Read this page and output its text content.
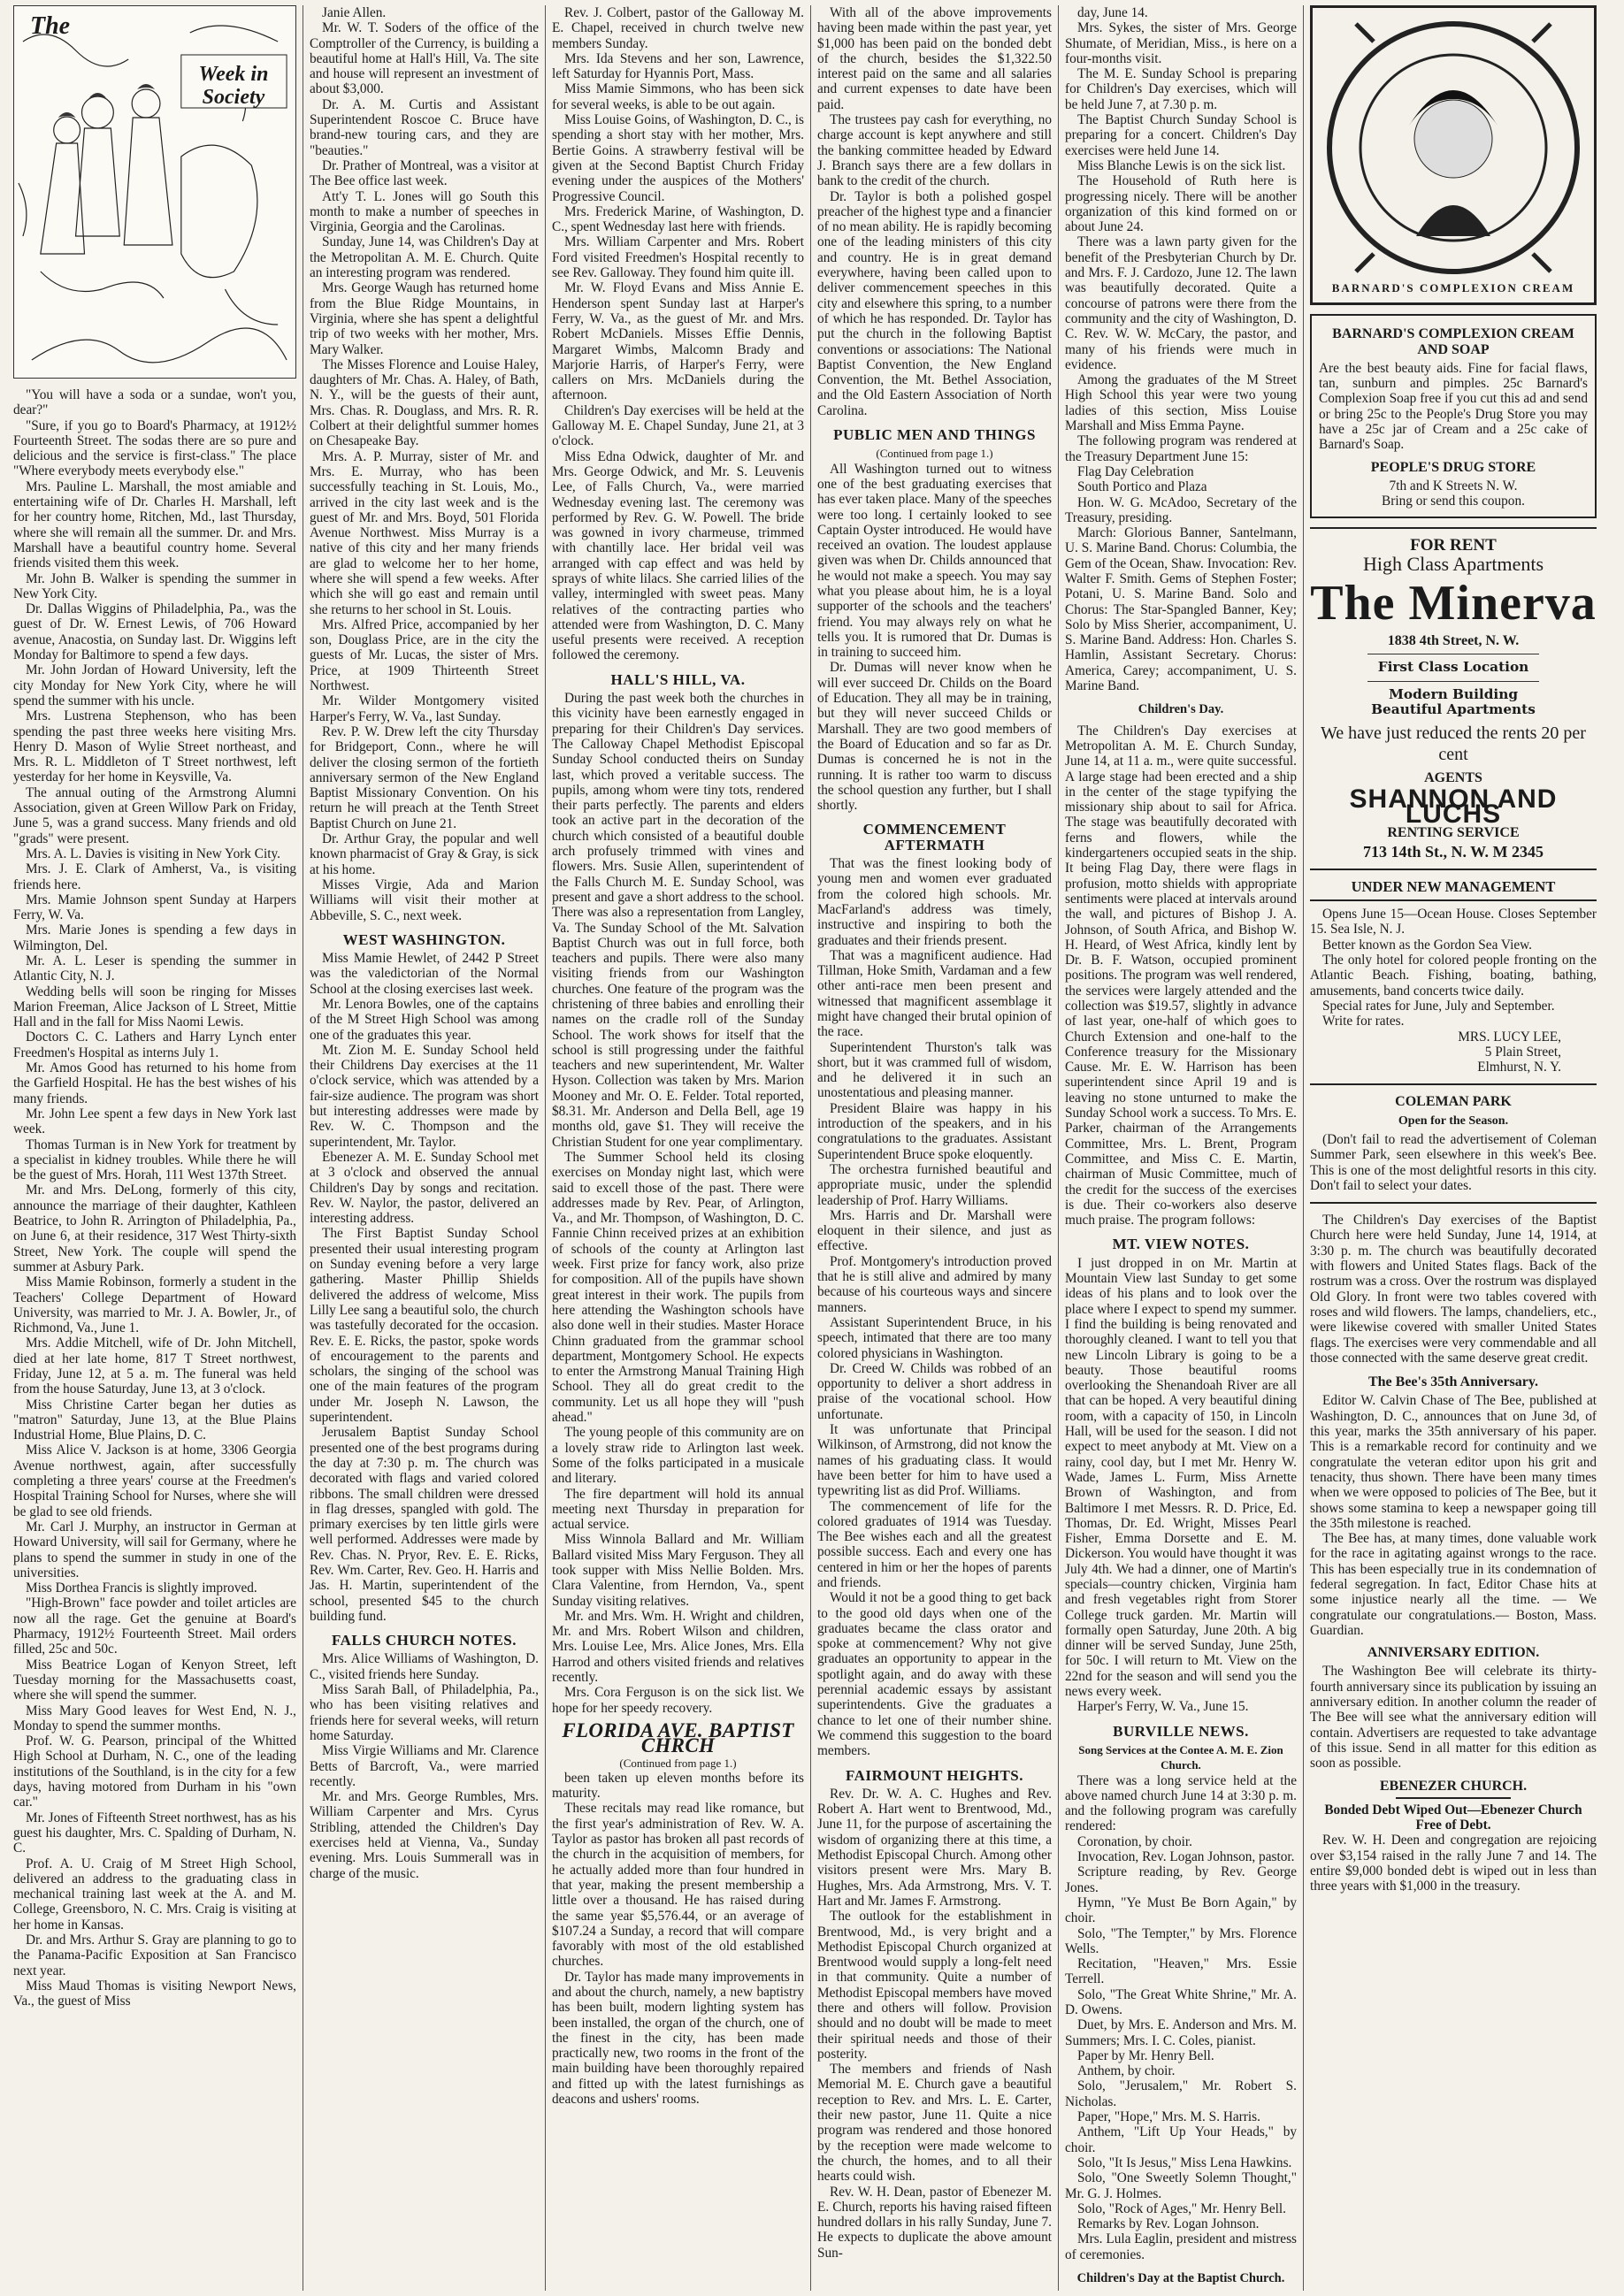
The
Week in Society

"You will have a soda or a sundae, won't you, dear?"

"Sure, if you go to Board's Pharmacy, at 1912½ Fourteenth Street. The sodas there are so pure and delicious and the service is first-class." The place "Where everybody meets everybody else."

Mrs. Pauline L. Marshall, the most amiable and entertaining wife of Dr. Charles H. Marshall, left for her country home, Ritchen, Md., last Thursday, where she will remain all the summer. Dr. and Mrs. Marshall have a beautiful country home. Several friends visited them this week.

Mr. John B. Walker is spending the summer in New York City.

Dr. Dallas Wiggins of Philadelphia, Pa., was the guest of Dr. W. Ernest Lewis, of 706 Howard avenue, Anacostia, on Sunday last. Dr. Wiggins left Monday for Baltimore to spend a few days.

Mr. John Jordan of Howard University, left the city Monday for New York City, where he will spend the summer with his uncle.

Mrs. Lustrena Stephenson, who has been spending the past three weeks here visiting Mrs. Henry D. Mason of Wylie Street northeast, and Mrs. R. L. Middleton of T Street northwest, left yesterday for her home in Keysville, Va.

The annual outing of the Armstrong Alumni Association, given at Green Willow Park on Friday, June 5, was a grand success. Many friends and old "grads" were present.

Mrs. A. L. Davies is visiting in New York City.

Mrs. J. E. Clark of Amherst, Va., is visiting friends here.

Mrs. Mamie Johnson spent Sunday at Harpers Ferry, W. Va.

Mrs. Marie Jones is spending a few days in Wilmington, Del.

Mr. A. L. Leser is spending the summer in Atlantic City, N. J.

Wedding bells will soon be ringing for Misses Marion Freeman, Alice Jackson of L Street, Mittie Hall and in the fall for Miss Naomi Lewis.

Doctors C. C. Lathers and Harry Lynch enter Freedmen's Hospital as interns July 1.

Mr. Amos Good has returned to his home from the Garfield Hospital. He has the best wishes of his many friends.

Mr. John Lee spent a few days in New York last week.

Thomas Turman is in New York for treatment by a specialist in kidney troubles. While there he will be the guest of Mrs. Horah, 111 West 137th Street.

Mr. and Mrs. DeLong, formerly of this city, announce the marriage of their daughter, Kathleen Beatrice, to John R. Arrington of Philadelphia, Pa., on June 6, at their residence, 317 West Thirty-sixth Street, New York. The couple will spend the summer at Asbury Park.

Miss Mamie Robinson, formerly a student in the Teachers' College Department of Howard University, was married to Mr. J. A. Bowler, Jr., of Richmond, Va., June 1.

Mrs. Addie Mitchell, wife of Dr. John Mitchell, died at her late home, 817 T Street northwest, Friday, June 12, at 5 a. m. The funeral was held from the house Saturday, June 13, at 3 o'clock.

Miss Christine Carter began her duties as "matron" Saturday, June 13, at the Blue Plains Industrial Home, Blue Plains, D. C.

Miss Alice V. Jackson is at home, 3306 Georgia Avenue northwest, again, after successfully completing a three years' course at the Freedmen's Hospital Training School for Nurses, where she will be glad to see old friends.

Mr. Carl J. Murphy, an instructor in German at Howard University, will sail for Germany, where he plans to spend the summer in study in one of the universities.

Miss Dorthea Francis is slightly improved.

"High-Brown" face powder and toilet articles are now all the rage. Get the genuine at Board's Pharmacy, 1912½ Fourteenth Street. Mail orders filled, 25c and 50c.

Miss Beatrice Logan of Kenyon Street, left Tuesday morning for the Massachusetts coast, where she will spend the summer.

Miss Mary Good leaves for West End, N. J., Monday to spend the summer months.

Prof. W. G. Pearson, principal of the Whitted High School at Durham, N. C., one of the leading institutions of the Southland, is in the city for a few days, having motored from Durham in his "own car."

Mr. Jones of Fifteenth Street northwest, has as his guest his daughter, Mrs. C. Spalding of Durham, N. C.

Prof. A. U. Craig of M Street High School, delivered an address to the graduating class in mechanical training last week at the A. and M. College, Greensboro, N. C. Mrs. Craig is visiting at her home in Kansas.

Dr. and Mrs. Arthur S. Gray are planning to go to the Panama-Pacific Exposition at San Francisco next year.

Miss Maud Thomas is visiting Newport News, Va., the guest of Miss

Janie Allen.

Mr. W. T. Soders of the office of the Comptroller of the Currency, is building a beautiful home at Hall's Hill, Va. The site and house will represent an investment of about $3,000.

Dr. A. M. Curtis and Assistant Superintendent Roscoe C. Bruce have brand-new touring cars, and they are "beauties."

Dr. Prather of Montreal, was a visitor at The Bee office last week.

Att'y T. L. Jones will go South this month to make a number of speeches in Virginia, Georgia and the Carolinas.

Sunday, June 14, was Children's Day at the Metropolitan A. M. E. Church. Quite an interesting program was rendered.

Mrs. George Waugh has returned home from the Blue Ridge Mountains, in Virginia, where she has spent a delightful trip of two weeks with her mother, Mrs. Mary Walker.

The Misses Florence and Louise Haley, daughters of Mr. Chas. A. Haley, of Bath, N. Y., will be the guests of their aunt, Mrs. Chas. R. Douglass, and Mrs. R. R. Colbert at their delightful summer homes on Chesapeake Bay.

Mrs. A. P. Murray, sister of Mr. and Mrs. E. Murray, who has been successfully teaching in St. Louis, Mo., arrived in the city last week and is the guest of Mr. and Mrs. Boyd, 501 Florida Avenue Northwest. Miss Murray is a native of this city and her many friends are glad to welcome her to her home, where she will spend a few weeks. After which she will go east and remain until she returns to her school in St. Louis.

Mrs. Alfred Price, accompanied by her son, Douglass Price, are in the city the guests of Mr. Lucas, the sister of Mrs. Price, at 1909 Thirteenth Street Northwest.

Mr. Wilder Montgomery visited Harper's Ferry, W. Va., last Sunday.

Rev. P. W. Drew left the city Thursday for Bridgeport, Conn., where he will deliver the closing sermon of the fortieth anniversary sermon of the New England Baptist Missionary Convention. On his return he will preach at the Tenth Street Baptist Church on June 21.

Dr. Arthur Gray, the popular and well known pharmacist of Gray & Gray, is sick at his home.

Misses Virgie, Ada and Marion Williams will visit their mother at Abbeville, S. C., next week.

WEST WASHINGTON.

Miss Mamie Hewlet, of 2442 P Street was the valedictorian of the Normal School at the closing exercises last week.

Mr. Lenora Bowles, one of the captains of the M Street High School was among one of the graduates this year.

Mt. Zion M. E. Sunday School held their Childrens Day exercises at the 11 o'clock service, which was attended by a fair-size audience. The program was short but interesting addresses were made by Rev. W. C. Thompson and the superintendent, Mr. Taylor.

Ebenezer A. M. E. Sunday School met at 3 o'clock and observed the annual Children's Day by songs and recitation. Rev. W. Naylor, the pastor, delivered an interesting address.

The First Baptist Sunday School presented their usual interesting program on Sunday evening before a very large gathering. Master Phillip Shields delivered the address of welcome, Miss Lilly Lee sang a beautiful solo, the church was tastefully decorated for the occasion. Rev. E. E. Ricks, the pastor, spoke words of encouragement to the parents and scholars, the singing of the school was one of the main features of the program under Mr. Joseph N. Lawson, the superintendent.

Jerusalem Baptist Sunday School presented one of the best programs during the day at 7:30 p. m. The church was decorated with flags and varied colored ribbons. The small children were dressed in flag dresses, spangled with gold. The primary exercises by ten little girls were well performed. Addresses were made by Rev. Chas. N. Pryor, Rev. E. E. Ricks, Rev. Wm. Carter, Rev. Geo. H. Harris and Jas. H. Martin, superintendent of the school, presented $45 to the church building fund.

FALLS CHURCH NOTES.

Mrs. Alice Williams of Washington, D. C., visited friends here Sunday.

Miss Sarah Ball, of Philadelphia, Pa., who has been visiting relatives and friends here for several weeks, will return home Saturday.

Miss Virgie Williams and Mr. Clarence Betts of Barcroft, Va., were married recently.

Mr. and Mrs. George Rumbles, Mrs. William Carpenter and Mrs. Cyrus Stribling, attended the Children's Day exercises held at Vienna, Va., Sunday evening. Mrs. Louis Summerall was in charge of the music.

Rev. J. Colbert, pastor of the Galloway M. E. Chapel, received in church twelve new members Sunday.

Mrs. Ida Stevens and her son, Lawrence, left Saturday for Hyannis Port, Mass.

Miss Mamie Simmons, who has been sick for several weeks, is able to be out again.

Miss Louise Goins, of Washington, D. C., is spending a short stay with her mother, Mrs. Bertie Goins. A strawberry festival will be given at the Second Baptist Church Friday evening under the auspices of the Mothers' Progressive Council.

Mrs. Frederick Marine, of Washington, D. C., spent Wednesday last here with friends.

Mrs. William Carpenter and Mrs. Robert Ford visited Freedmen's Hospital recently to see Rev. Galloway. They found him quite ill.

Mr. W. Floyd Evans and Miss Annie E. Henderson spent Sunday last at Harper's Ferry, W. Va., as the guest of Mr. and Mrs. Robert McDaniels. Misses Effie Dennis, Margaret Wimbs, Malcomn Brady and Marjorie Harris, of Harper's Ferry, were callers on Mrs. McDaniels during the afternoon.

Children's Day exercises will be held at the Galloway M. E. Chapel Sunday, June 21, at 3 o'clock.

Miss Edna Odwick, daughter of Mr. and Mrs. George Odwick, and Mr. S. Leuvenis Lee, of Falls Church, Va., were married Wednesday evening last. The ceremony was performed by Rev. G. W. Powell. The bride was gowned in ivory charmeuse, trimmed with chantilly lace. Her bridal veil was arranged with cap effect and was held by sprays of white lilacs. She carried lilies of the valley, intermingled with sweet peas. Many relatives of the contracting parties who attended were from Washington, D. C. Many useful presents were received. A reception followed the ceremony.

HALL'S HILL, VA.

During the past week both the churches in this vicinity have been earnestly engaged in preparing for their Children's Day services. The Calloway Chapel Methodist Episcopal Sunday School conducted theirs on Sunday last, which proved a veritable success. The pupils, among whom were tiny tots, rendered their parts perfectly. The parents and elders took an active part in the decoration of the church which consisted of a beautiful double arch profusely trimmed with vines and flowers. Mrs. Susie Allen, superintendent of the Falls Church M. E. Sunday School, was present and gave a short address to the school. There was also a representation from Langley, Va. The Sunday School of the Mt. Salvation Baptist Church was out in full force, both teachers and pupils. There were also many visiting friends from our Washington churches. One feature of the program was the christening of three babies and enrolling their names on the cradle roll of the Sunday School. The work shows for itself that the school is still progressing under the faithful teachers and new superintendent, Mr. Walter Hyson. Collection was taken by Mrs. Marion Mooney and Mr. O. E. Felder. Total reported, $8.31. Mr. Anderson and Della Bell, age 19 months old, gave $1. They will receive the Christian Student for one year complimentary.

The Summer School held its closing exercises on Monday night last, which were said to excell those of the past. There were addresses made by Rev. Pear, of Arlington, Va., and Mr. Thompson, of Washington, D. C. Fannie Chinn received prizes at an exhibition of schools of the county at Arlington last week. First prize for fancy work, also prize for composition. All of the pupils have shown great interest in their work. The pupils from here attending the Washington schools have also done well in their studies. Master Horace Chinn graduated from the grammar school department, Montgomery School. He expects to enter the Armstrong Manual Training High School. They all do great credit to the community. Let us all hope they will "push ahead."

The young people of this community are on a lovely straw ride to Arlington last week. Some of the folks participated in a musicale and literary.

The fire department will hold its annual meeting next Thursday in preparation for actual service.

Miss Winnola Ballard and Mr. William Ballard visited Miss Mary Ferguson. They all took supper with Miss Nellie Bolden. Mrs. Clara Valentine, from Herndon, Va., spent Sunday visiting relatives.

Mr. and Mrs. Wm. H. Wright and children, Mr. and Mrs. Robert Wilson and children, Mrs. Louise Lee, Mrs. Alice Jones, Mrs. Ella Harrod and others visited friends and relatives recently.

Mrs. Cora Ferguson is on the sick list. We hope for her speedy recovery.

FLORIDA AVE. BAPTIST CHRCH

(Continued from page 1.)

been taken up eleven months before its maturity.

These recitals may read like romance, but the first year's administration of Rev. W. A. Taylor as pastor has broken all past records of the church in the acquisition of members, for he actually added more than four hundred in that year, making the present membership a little over a thousand. He has raised during the same year $5,576.44, or an average of $107.24 a Sunday, a record that will compare favorably with most of the old established churches.

Dr. Taylor has made many improvements in and about the church, namely, a new baptistry has been built, modern lighting system has been installed, the organ of the church, one of the finest in the city, has been made practically new, two rooms in the front of the main building have been thoroughly repaired and fitted up with the latest furnishings as deacons and ushers' rooms.

With all of the above improvements having been made within the past year, yet $1,000 has been paid on the bonded debt of the church, besides the $1,322.50 interest paid on the same and all salaries and current expenses to date have been paid.

The trustees pay cash for everything, no charge account is kept anywhere and still the banking committee headed by Edward J. Branch says there are a few dollars in bank to the credit of the church.

Dr. Taylor is both a polished gospel preacher of the highest type and a financier of no mean ability. He is rapidly becoming one of the leading ministers of this city and country. He is in great demand everywhere, having been called upon to deliver commencement speeches in this city and elsewhere this spring, to a number of which he has responded. Dr. Taylor has put the church in the following Baptist conventions or associations: The National Baptist Convention, the New England Convention, the Mt. Bethel Association, and the Old Eastern Association of North Carolina.

PUBLIC MEN AND THINGS

(Continued from page 1.)

All Washington turned out to witness one of the best graduating exercises that has ever taken place. Many of the speeches were too long. I certainly looked to see Captain Oyster introduced. He would have received an ovation. The loudest applause given was when Dr. Childs announced that he would not make a speech. You may say what you please about him, he is a loyal supporter of the schools and the teachers' friend. You may always rely on what he tells you. It is rumored that Dr. Dumas is in training to succeed him.

Dr. Dumas will never know when he will ever succeed Dr. Childs on the Board of Education. They all may be in training, but they will never succeed Childs or Marshall. They are two good members of the Board of Education and so far as Dr. Dumas is concerned he is not in the running. It is rather too warm to discuss the school question any further, but I shall shortly.

COMMENCEMENT AFTERMATH

That was the finest looking body of young men and women ever graduated from the colored high schools. Mr. MacFarland's address was timely, instructive and inspiring to both the graduates and their friends present.

That was a magnificent audience. Had Tillman, Hoke Smith, Vardaman and a few other anti-race men been present and witnessed that magnificent assemblage it might have changed their brutal opinion of the race.

Superintendent Thurston's talk was short, but it was crammed full of wisdom, and he delivered it in such an unostentatious and pleasing manner.

President Blaire was happy in his introduction of the speakers, and in his congratulations to the graduates. Assistant Superintendent Bruce spoke eloquently.

The orchestra furnished beautiful and appropriate music, under the splendid leadership of Prof. Harry Williams.

Mrs. Harris and Dr. Marshall were eloquent in their silence, and just as effective.

Prof. Montgomery's introduction proved that he is still alive and admired by many because of his courteous ways and sincere manners.

Assistant Superintendent Bruce, in his speech, intimated that there are too many colored physicians in Washington.

Dr. Creed W. Childs was robbed of an opportunity to deliver a short address in praise of the vocational school. How unfortunate.

It was unfortunate that Principal Wilkinson, of Armstrong, did not know the names of his graduating class. It would have been better for him to have used a typewriting list as did Prof. Williams.

The commencement of life for the colored graduates of 1914 was Tuesday. The Bee wishes each and all the greatest possible success. Each and every one has centered in him or her the hopes of parents and friends.

Would it not be a good thing to get back to the good old days when one of the graduates became the class orator and spoke at commencement? Why not give graduates an opportunity to appear in the spotlight again, and do away with these perennial academic essays by assistant superintendents. Give the graduates a chance to let one of their number shine. We commend this suggestion to the board members.

FAIRMOUNT HEIGHTS.

Rev. Dr. W. A. C. Hughes and Rev. Robert A. Hart went to Brentwood, Md., June 11, for the purpose of ascertaining the wisdom of organizing there at this time, a Methodist Episcopal Church. Among other visitors present were Mrs. Mary B. Hughes, Mrs. Ada Armstrong, Mrs. V. T. Hart and Mr. James F. Armstrong.

The outlook for the establishment in Brentwood, Md., is very bright and a Methodist Episcopal Church organized at Brentwood would supply a long-felt need in that community. Quite a number of Methodist Episcopal members have moved there and others will follow. Provision should and no doubt will be made to meet their spiritual needs and those of their posterity.

The members and friends of Nash Memorial M. E. Church gave a beautiful reception to Rev. and Mrs. L. E. Carter, their new pastor, June 11. Quite a nice program was rendered and those honored by the reception were made welcome to the church, the homes, and to all their hearts could wish.

Rev. W. H. Dean, pastor of Ebenezer M. E. Church, reports his having raised fifteen hundred dollars in his rally Sunday, June 7. He expects to duplicate the above amount Sun-

day, June 14.

Mrs. Sykes, the sister of Mrs. George Shumate, of Meridian, Miss., is here on a four-months visit.

The M. E. Sunday School is preparing for Children's Day exercises, which will be held June 7, at 7.30 p. m.

The Baptist Church Sunday School is preparing for a concert. Children's Day exercises were held June 14.

Miss Blanche Lewis is on the sick list.

The Household of Ruth here is progressing nicely. There will be another organization of this kind formed on or about June 24.

There was a lawn party given for the benefit of the Presbyterian Church by Dr. and Mrs. F. J. Cardozo, June 12. The lawn was beautifully decorated. Quite a concourse of patrons were there from the community and the city of Washington, D. C. Rev. W. W. McCary, the pastor, and many of his friends were much in evidence.

Among the graduates of the M Street High School this year were two young ladies of this section, Miss Louise Marshall and Miss Emma Payne.

The following program was rendered at the Treasury Department June 15:

Flag Day Celebration

South Portico and Plaza

Hon. W. G. McAdoo, Secretary of the Treasury, presiding.

March: Glorious Banner, Santelmann, U. S. Marine Band. Chorus: Columbia, the Gem of the Ocean, Shaw. Invocation: Rev. Walter F. Smith. Gems of Stephen Foster; Potani, U. S. Marine Band. Solo and Chorus: The Star-Spangled Banner, Key; Solo by Miss Sherier, accompaniment, U. S. Marine Band. Address: Hon. Charles S. Hamlin, Assistant Secretary. Chorus: America, Carey; accompaniment, U. S. Marine Band.

Children's Day.

The Children's Day exercises at Metropolitan A. M. E. Church Sunday, June 14, at 11 a. m., were quite successful. A large stage had been erected and a ship in the center of the stage typifying the missionary ship about to sail for Africa. The stage was beautifully decorated with ferns and flowers, while the kindergarteners occupied seats in the ship. It being Flag Day, there were flags in profusion, motto shields with appropriate sentiments were placed at intervals around the wall, and pictures of Bishop J. A. Johnson, of South Africa, and Bishop W. H. Heard, of West Africa, kindly lent by Dr. B. F. Watson, occupied prominent positions. The program was well rendered, the services were largely attended and the collection was $19.57, slightly in advance of last year, one-half of which goes to Church Extension and one-half to the Conference treasury for the Missionary Cause. Mr. E. W. Harrison has been superintendent since April 19 and is leaving no stone unturned to make the Sunday School work a success. To Mrs. E. Parker, chairman of the Arrangements Committee, Mrs. L. Brent, Program Committee, and Miss C. E. Martin, chairman of Music Committee, much of the credit for the success of the exercises is due. Their co-workers also deserve much praise. The program follows:

MT. VIEW NOTES.

I just dropped in on Mr. Martin at Mountain View last Sunday to get some ideas of his plans and to look over the place where I expect to spend my summer. I find the building is being renovated and thoroughly cleaned. I want to tell you that new Lincoln Library is going to be a beauty. Those beautiful rooms overlooking the Shenandoah River are all that can be hoped. A very beautiful dining room, with a capacity of 150, in Lincoln Hall, will be used for the season. I did not expect to meet anybody at Mt. View on a rainy, cool day, but I met Mr. Henry W. Wade, James L. Furm, Miss Arnette Brown of Washington, and from Baltimore I met Messrs. R. D. Price, Ed. Thomas, Dr. Ed. Wright, Misses Pearl Fisher, Emma Dorsette and E. M. Dickerson. You would have thought it was July 4th. We had a dinner, one of Martin's specials—country chicken, Virginia ham and fresh vegetables right from Storer College truck garden. Mr. Martin will formally open Saturday, June 20th. A big dinner will be served Sunday, June 25th, for 50c. I will return to Mt. View on the 22nd for the season and will send you the news every week.

Harper's Ferry, W. Va., June 15.

BURVILLE NEWS.

Song Services at the Contee A. M. E. Zion Church.

There was a long service held at the above named church June 14 at 3:30 p. m. and the following program was carefully rendered:

Coronation, by choir.

Invocation, Rev. Logan Johnson, pastor.

Scripture reading, by Rev. George Jones.

Hymn, "Ye Must Be Born Again," by choir.

Solo, "The Tempter," by Mrs. Florence Wells.

Recitation, "Heaven," Mrs. Essie Terrell.

Solo, "The Great White Shrine," Mr. A. D. Owens.

Duet, by Mrs. E. Anderson and Mrs. M. Summers; Mrs. I. C. Coles, pianist.

Paper by Mr. Henry Bell.

Anthem, by choir.

Solo, "Jerusalem," Mr. Robert S. Nicholas.

Paper, "Hope," Mrs. M. S. Harris.

Anthem, "Lift Up Your Heads," by choir.

Solo, "It Is Jesus," Miss Lena Hawkins.

Solo, "One Sweetly Solemn Thought," Mr. G. J. Holmes.

Solo, "Rock of Ages," Mr. Henry Bell.

Remarks by Rev. Logan Johnson.

Mrs. Lula Eaglin, president and mistress of ceremonies.

Children's Day at the Baptist Church.
BARNARD'S COMPLEXION CREAM
BARNARD'S COMPLEXION CREAM AND SOAP
Are the best beauty aids. Fine for facial flaws, tan, sunburn and pimples. 25c Barnard's Complexion Soap free if you cut this ad and send or bring 25c to the People's Drug Store you may have a 25c jar of Cream and a 25c cake of Barnard's Soap.
PEOPLE'S DRUG STORE
7th and K Streets N. W.
Bring or send this coupon.
FOR RENT
High Class Apartments
The Minerva
1838 4th Street, N. W.
First Class Location
Modern Building
Beautiful Apartments
We have just reduced the rents 20 per cent
AGENTS
SHANNON AND LUCHS
RENTING SERVICE
713 14th St., N. W. M 2345
UNDER NEW MANAGEMENT

Opens June 15—Ocean House. Closes September 15. Sea Isle, N. J.

Better known as the Gordon Sea View.

The only hotel for colored people fronting on the Atlantic Beach. Fishing, boating, bathing, amusements, band concerts twice daily.

Special rates for June, July and September.

Write for rates.

MRS. LUCY LEE,
5 Plain Street,
Elmhurst, N. Y.
COLEMAN PARK
Open for the Season.
(Don't fail to read the advertisement of Coleman Summer Park, seen elsewhere in this week's Bee. This is one of the most delightful resorts in this city. Don't fail to select your dates.
The Children's Day exercises of the Baptist Church here were held Sunday, June 14, 1914, at 3:30 p. m. The church was beautifully decorated with flowers and United States flags. Back of the rostrum was a cross. Over the rostrum was displayed Old Glory. In front were two tables covered with roses and wild flowers. The lamps, chandeliers, etc., were likewise covered with smaller United States flags. The exercises were very commendable and all those connected with the same deserve great credit.
The Bee's 35th Anniversary.
Editor W. Calvin Chase of The Bee, published at Washington, D. C., announces that on June 3d, of this year, marks the 35th anniversary of his paper. This is a remarkable record for continuity and we congratulate the veteran editor upon his grit and tenacity, thus shown. There have been many times when we were opposed to policies of The Bee, but it shows some stamina to keep a newspaper going till the 35th milestone is reached.
The Bee has, at many times, done valuable work for the race in agitating against wrongs to the race. This has been especially true in its condemnation of federal segregation. In fact, Editor Chase hits at some injustice nearly all the time. — We congratulate our congratulations.— Boston, Mass. Guardian.
ANNIVERSARY EDITION.
The Washington Bee will celebrate its thirty-fourth anniversary since its publication by issuing an anniversary edition. In another column the reader of The Bee will see what the anniversary edition will contain. Advertisers are requested to take advantage of this issue. Send in all matter for this edition as soon as possible.
EBENEZER CHURCH.
Bonded Debt Wiped Out—Ebenezer Church Free of Debt.
Rev. W. H. Deen and congregation are rejoicing over $3,154 raised in the rally June 7 and 14. The entire $9,000 bonded debt is wiped out in less than three years with $1,000 in the treasury.
